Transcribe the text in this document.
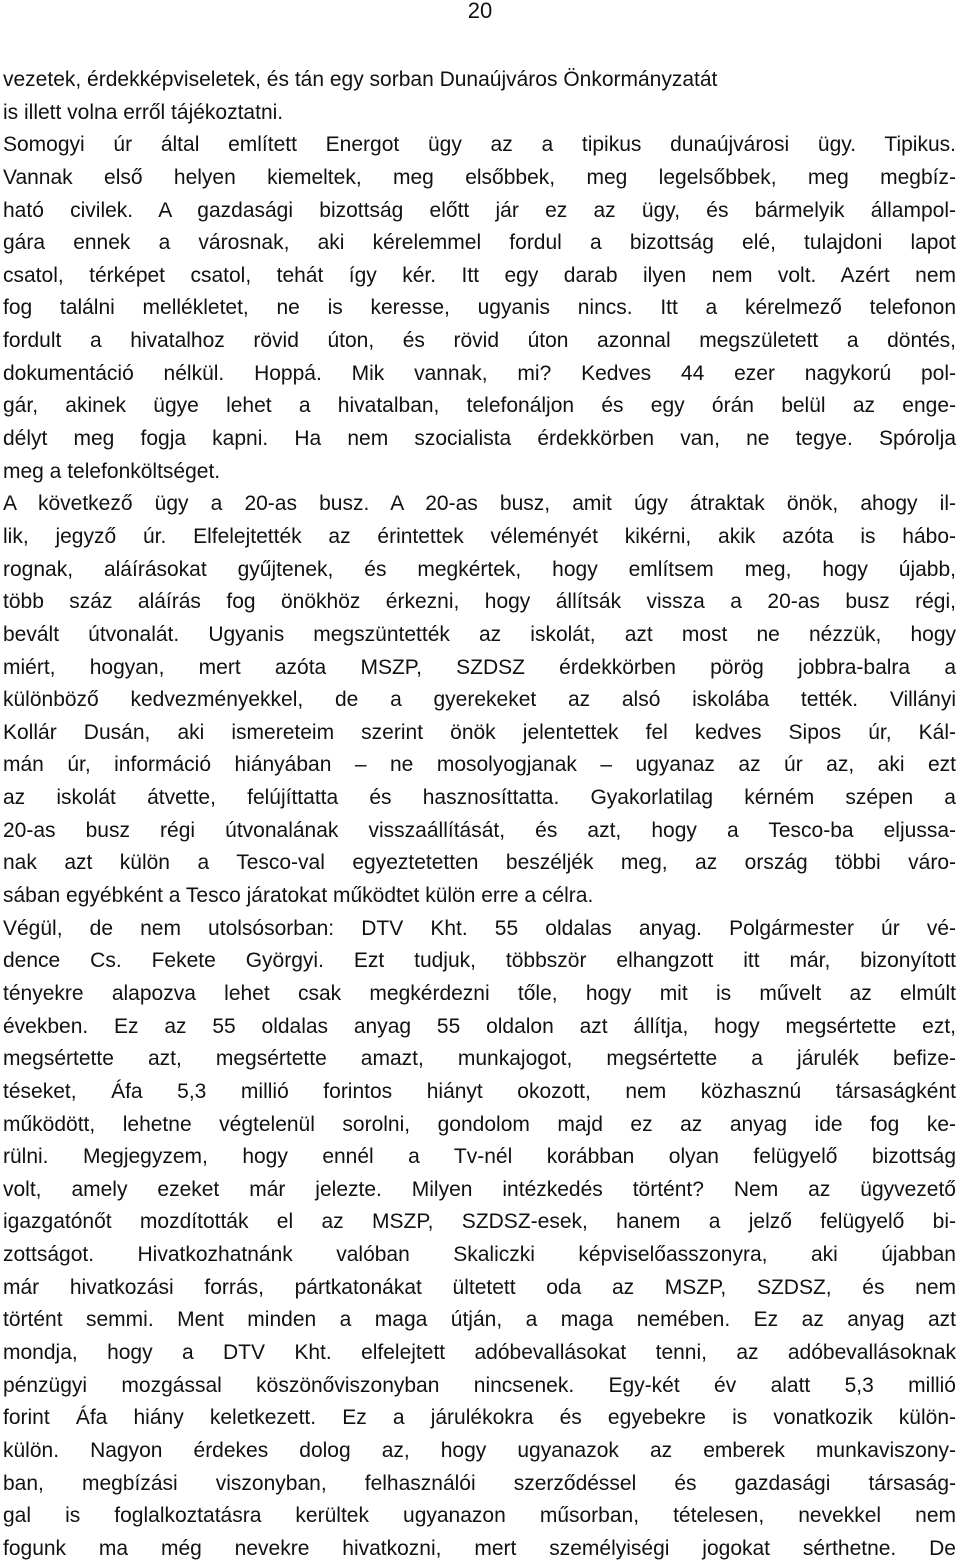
20
vezetek, érdekképviseletek, és tán egy sorban Dunaújváros Önkormányzatát
is illett volna erről tájékoztatni.
Somogyi úr által említett Energot ügy az a tipikus dunaújvárosi ügy. Tipikus.
Vannak első helyen kiemeltek, meg elsőbbek, meg legelsőbbek, meg megbíz-
ható civilek. A gazdasági bizottság előtt jár ez az ügy, és bármelyik állampol-
gára ennek a városnak, aki kérelemmel fordul a bizottság elé, tulajdoni lapot
csatol, térképet csatol, tehát így kér. Itt egy darab ilyen nem volt. Azért nem
fog találni mellékletet, ne is keresse, ugyanis nincs. Itt a kérelmező telefonon
fordult a hivatalhoz rövid úton, és rövid úton azonnal megszületett a döntés,
dokumentáció nélkül. Hoppá. Mik vannak, mi? Kedves 44 ezer nagykorú pol-
gár, akinek ügye lehet a hivatalban, telefonáljon és egy órán belül az enge-
délyt meg fogja kapni. Ha nem szocialista érdekkörben van, ne tegye. Spórolja
meg a telefonköltséget.
A következő ügy a 20-as busz. A 20-as busz, amit úgy átraktak önök, ahogy il-
lik, jegyző úr. Elfelejtették az érintettek véleményét kikérni, akik azóta is hábo-
rognak, aláírásokat gyűjtenek, és megkértek, hogy említsem meg, hogy újabb,
több száz aláírás fog önökhöz érkezni, hogy állítsák vissza a 20-as busz régi,
bevált útvonalát. Ugyanis megszüntették az iskolát, azt most ne nézzük, hogy
miért, hogyan, mert azóta MSZP, SZDSZ érdekkörben pörög jobbra-balra a
különböző kedvezményekkel, de a gyerekeket az alsó iskolába tették. Villányi
Kollár Dusán, aki ismereteim szerint önök jelentettek fel kedves Sipos úr, Kál-
mán úr, információ hiányában – ne mosolyogjanak – ugyanaz az úr az, aki ezt
az iskolát átvette, felújíttatta és hasznosíttatta. Gyakorlatilag kérném szépen a
20-as busz régi útvonalának visszaállítását, és azt, hogy a Tesco-ba eljussa-
nak azt külön a Tesco-val egyeztetetten beszéljék meg, az ország többi váro-
sában egyébként a Tesco járatokat működtet külön erre a célra.
Végül, de nem utolsósorban: DTV Kht. 55 oldalas anyag. Polgármester úr vé-
dence Cs. Fekete Györgyi. Ezt tudjuk, többször elhangzott itt már, bizonyított
tényekre alapozva lehet csak megkérdezni tőle, hogy mit is művelt az elmúlt
években. Ez az 55 oldalas anyag 55 oldalon azt állítja, hogy megsértette ezt,
megsértette azt, megsértette amazt, munkajogot, megsértette a járulék befize-
téseket, Áfa 5,3 millió forintos hiányt okozott, nem közhasznú társaságként
működött, lehetne végtelenül sorolni, gondolom majd ez az anyag ide fog ke-
rülni. Megjegyzem, hogy ennél a Tv-nél korábban olyan felügyelő bizottság
volt, amely ezeket már jelezte. Milyen intézkedés történt? Nem az ügyvezető
igazgatónőt mozdították el az MSZP, SZDSZ-esek, hanem a jelző felügyelő bi-
zottságot. Hivatkozhatnánk valóban Skaliczki képviselőasszonyra, aki újabban
már hivatkozási forrás, pártkatonákat ültetett oda az MSZP, SZDSZ, és nem
történt semmi. Ment minden a maga útján, a maga nemében. Ez az anyag azt
mondja, hogy a DTV Kht. elfelejtett adóbevallásokat tenni, az adóbevallásoknak
pénzügyi mozgással köszönőviszonyban nincsenek. Egy-két év alatt 5,3 millió
forint Áfa hiány keletkezett. Ez a járulékokra és egyebekre is vonatkozik külön-
külön. Nagyon érdekes dolog az, hogy ugyanazok az emberek munkaviszony-
ban, megbízási viszonyban, felhasználói szerződéssel és gazdasági társaság-
gal is foglalkoztatásra kerültek ugyanazon műsorban, tételesen, nevekkel nem
fogunk ma még nevekre hivatkozni, mert személyiségi jogokat sérthetne. De
